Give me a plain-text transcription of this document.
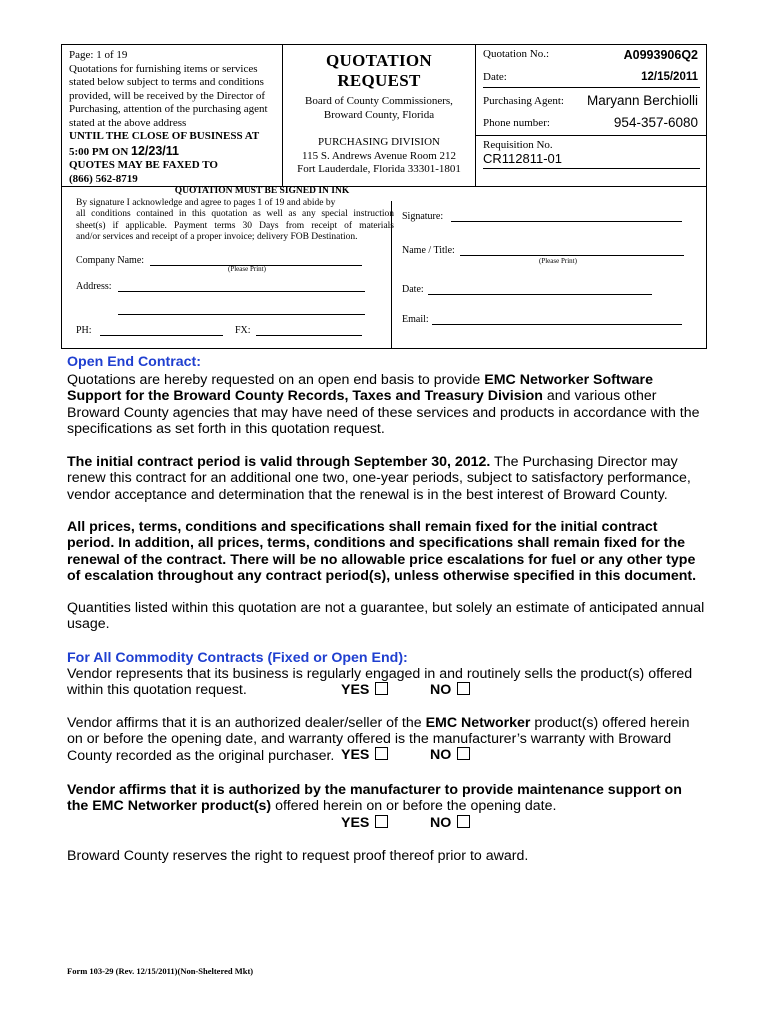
Page: 1 of 19
Quotations for furnishing items or services
stated below subject to terms and conditions
provided, will be received by the Director of
Purchasing, attention of the purchasing agent
stated at the above address
UNTIL THE CLOSE OF BUSINESS AT
5:00 PM ON 12/23/11
QUOTES MAY BE FAXED TO
(866) 562-8719
QUOTATION REQUEST
Board of County Commissioners,
Broward County, Florida
PURCHASING DIVISION
115 S. Andrews Avenue Room 212
Fort Lauderdale, Florida 33301-1801
Quotation No.:	A0993906Q2
Date:	12/15/2011
Purchasing Agent: Maryann Berchiolli
Phone number:	954-357-6080
Requisition No.
CR112811-01
QUOTATION MUST BE SIGNED IN INK
By signature I acknowledge and agree to pages 1 of 19 and abide by
all conditions contained in this quotation as well as any special instruction
sheet(s) if applicable. Payment terms 30 Days from receipt of materials
and/or services and receipt of a proper invoice; delivery FOB Destination.
Company Name:
(Please Print)
Address:
PH:	FX:
Signature:
Name / Title:
(Please Print)
Date:
Email:
Open End Contract:
Quotations are hereby requested on an open end basis to provide EMC Networker Software Support for the Broward County Records, Taxes and Treasury Division and various other Broward County agencies that may have need of these services and products in accordance with the specifications as set forth in this quotation request.
The initial contract period is valid through September 30, 2012. The Purchasing Director may renew this contract for an additional one two, one-year periods, subject to satisfactory performance, vendor acceptance and determination that the renewal is in the best interest of Broward County.
All prices, terms, conditions and specifications shall remain fixed for the initial contract period. In addition, all prices, terms, conditions and specifications shall remain fixed for the renewal of the contract. There will be no allowable price escalations for fuel or any other type of escalation throughout any contract period(s), unless otherwise specified in this document.
Quantities listed within this quotation are not a guarantee, but solely an estimate of anticipated annual usage.
For All Commodity Contracts (Fixed or Open End):
Vendor represents that its business is regularly engaged in and routinely sells the product(s) offered within this quotation request.	YES	NO
Vendor affirms that it is an authorized dealer/seller of the EMC Networker product(s) offered herein on or before the opening date, and warranty offered is the manufacturer’s warranty with Broward County recorded as the original purchaser. YES	NO
Vendor affirms that it is authorized by the manufacturer to provide maintenance support on the EMC Networker product(s) offered herein on or before the opening date.
YES	NO
Broward County reserves the right to request proof thereof prior to award.
Form 103-29 (Rev. 12/15/2011)(Non-Sheltered Mkt)
